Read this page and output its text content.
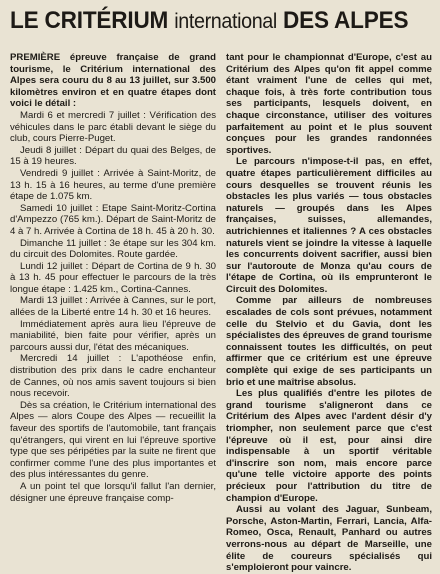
LE CRITÉRIUM international DES ALPES

PREMIÈRE épreuve française de grand tourisme, le Critérium international des Alpes sera couru du 8 au 13 juillet, sur 3.500 kilomètres environ et en quatre étapes dont voici le détail :

Mardi 6 et mercredi 7 juillet : Vérification des véhicules dans le parc établi devant le siège du club, cours Pierre-Puget.

Jeudi 8 juillet : Départ du quai des Belges, de 15 à 19 heures.

Vendredi 9 juillet : Arrivée à Saint-Moritz, de 13 h. 15 à 16 heures, au terme d'une première étape de 1.075 km.

Samedi 10 juillet : Etape Saint-Moritz-Cortina d'Ampezzo (765 km.). Départ de Saint-Moritz de 4 à 7 h. Arrivée à Cortina de 18 h. 45 à 20 h. 30.

Dimanche 11 juillet : 3e étape sur les 304 km. du circuit des Dolomites. Route gardée.

Lundi 12 juillet : Départ de Cortina de 9 h. 30 à 13 h. 45 pour effectuer le parcours de la très longue étape : 1.425 km., Cortina-Cannes.

Mardi 13 juillet : Arrivée à Cannes, sur le port, allées de la Liberté entre 14 h. 30 et 16 heures.

Immédiatement après aura lieu l'épreuve de maniabilité, bien faite pour vérifier, après un parcours aussi dur, l'état des mécaniques.

Mercredi 14 juillet : L'apothéose enfin, distribution des prix dans le cadre enchanteur de Cannes, où nos amis savent toujours si bien nous recevoir.

Dès sa création, le Critérium international des Alpes — alors Coupe des Alpes — recueillit la faveur des sportifs de l'automobile, tant français qu'étrangers, qui virent en lui l'épreuve sportive type que ses péripéties par la suite ne firent que confirmer comme l'une des plus importantes et des plus intéressantes du genre.

A un point tel que lorsqu'il fallut l'an dernier, désigner une épreuve française comp-

tant pour le championnat d'Europe, c'est au Critérium des Alpes qu'on fit appel comme étant vraiment l'une de celles qui met, chaque fois, à très forte contribution tous ses participants, lesquels doivent, en chaque circonstance, utiliser des voitures parfaitement au point et le plus souvent conçues pour les grandes randonnées sportives.

Le parcours n'impose-t-il pas, en effet, quatre étapes particulièrement difficiles au cours desquelles se trouvent réunis les obstacles les plus variés — tous obstacles naturels — groupés dans les Alpes françaises, suisses, allemandes, autrichiennes et italiennes ? A ces obstacles naturels vient se joindre la vitesse à laquelle les concurrents doivent sacrifier, aussi bien sur l'autoroute de Monza qu'au cours de l'étape de Cortina, où ils emprunteront le Circuit des Dolomites.

Comme par ailleurs de nombreuses escalades de cols sont prévues, notamment celle du Stelvio et du Gavia, dont les spécialistes des épreuves de grand tourisme connaissent toutes les difficultés, on peut affirmer que ce critérium est une épreuve complète qui exige de ses participants un brio et une maîtrise absolus.

Les plus qualifiés d'entre les pilotes de grand tourisme s'aligneront dans ce Critérium des Alpes avec l'ardent désir d'y triompher, non seulement parce que c'est l'épreuve où il est, pour ainsi dire indispensable à un sportif véritable d'inscrire son nom, mais encore parce qu'une telle victoire apporte des points précieux pour l'attribution du titre de champion d'Europe.

Aussi au volant des Jaguar, Sunbeam, Porsche, Aston-Martin, Ferrari, Lancia, Alfa-Romeo, Osca, Renault, Panhard ou autres verrons-nous au départ de Marseille, une élite de coureurs spécialisés qui s'emploieront pour vaincre.
